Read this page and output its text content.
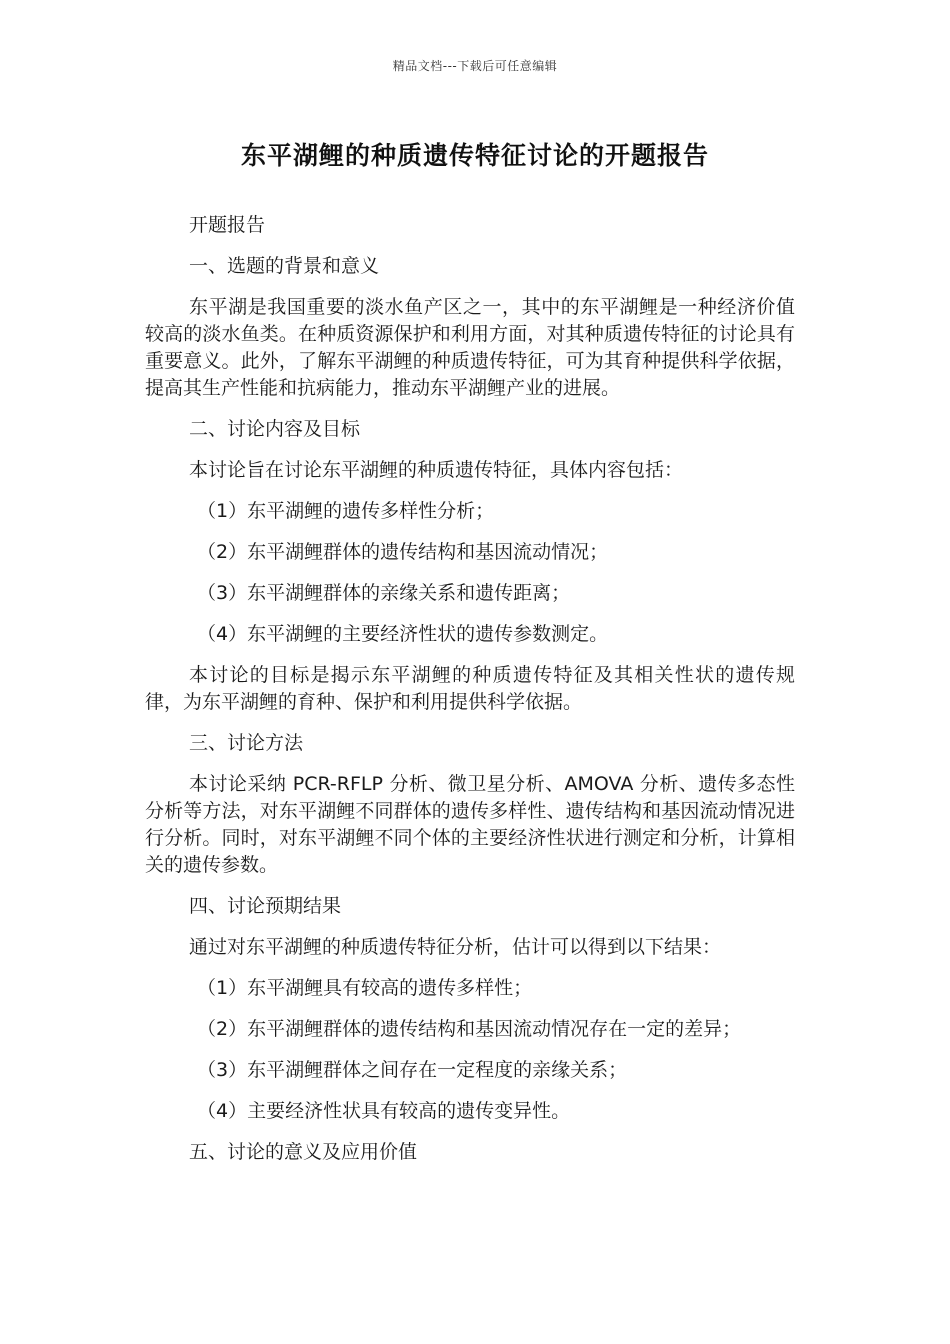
精品文档---下载后可任意编辑
东平湖鲤的种质遗传特征讨论的开题报告
开题报告
一、选题的背景和意义
东平湖是我国重要的淡水鱼产区之一，其中的东平湖鲤是一种经济价值较高的淡水鱼类。在种质资源保护和利用方面，对其种质遗传特征的讨论具有重要意义。此外，了解东平湖鲤的种质遗传特征，可为其育种提供科学依据，提高其生产性能和抗病能力，推动东平湖鲤产业的进展。
二、讨论内容及目标
本讨论旨在讨论东平湖鲤的种质遗传特征，具体内容包括：
（1）东平湖鲤的遗传多样性分析；
（2）东平湖鲤群体的遗传结构和基因流动情况；
（3）东平湖鲤群体的亲缘关系和遗传距离；
（4）东平湖鲤的主要经济性状的遗传参数测定。
本讨论的目标是揭示东平湖鲤的种质遗传特征及其相关性状的遗传规律，为东平湖鲤的育种、保护和利用提供科学依据。
三、讨论方法
本讨论采纳 PCR-RFLP 分析、微卫星分析、AMOVA 分析、遗传多态性分析等方法，对东平湖鲤不同群体的遗传多样性、遗传结构和基因流动情况进行分析。同时，对东平湖鲤不同个体的主要经济性状进行测定和分析，计算相关的遗传参数。
四、讨论预期结果
通过对东平湖鲤的种质遗传特征分析，估计可以得到以下结果：
（1）东平湖鲤具有较高的遗传多样性；
（2）东平湖鲤群体的遗传结构和基因流动情况存在一定的差异；
（3）东平湖鲤群体之间存在一定程度的亲缘关系；
（4）主要经济性状具有较高的遗传变异性。
五、讨论的意义及应用价值
